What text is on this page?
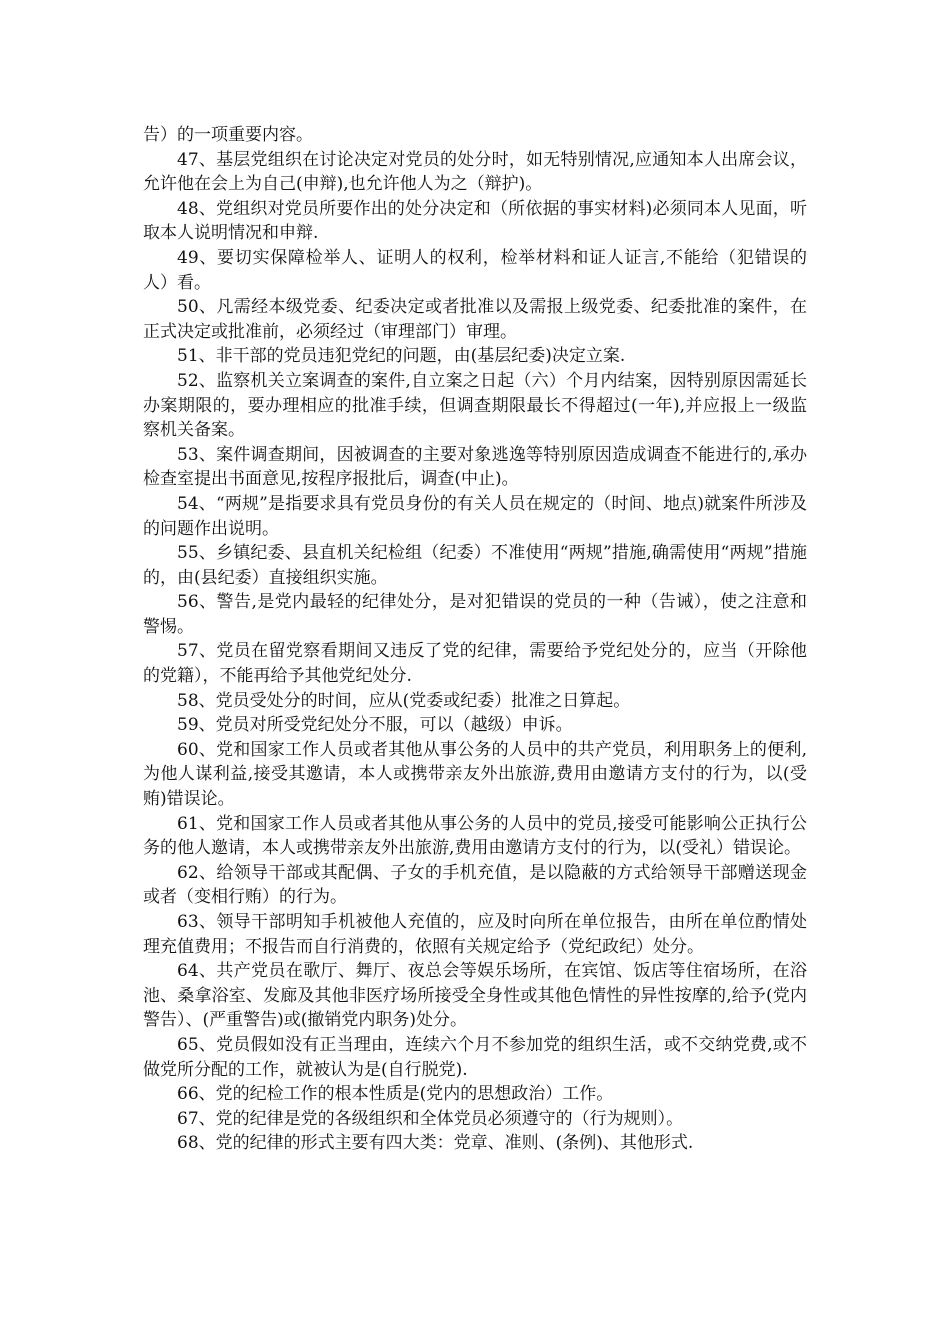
告）的一项重要内容。

47、基层党组织在讨论决定对党员的处分时，如无特别情况,应通知本人出席会议，允许他在会上为自己(申辩),也允许他人为之（辩护)。

48、党组织对党员所要作出的处分决定和（所依据的事实材料)必须同本人见面，听取本人说明情况和申辩.

49、要切实保障检举人、证明人的权利，检举材料和证人证言,不能给（犯错误的人）看。

50、凡需经本级党委、纪委决定或者批准以及需报上级党委、纪委批准的案件，在正式决定或批准前，必须经过（审理部门）审理。

51、非干部的党员违犯党纪的问题，由(基层纪委)决定立案.

52、监察机关立案调查的案件,自立案之日起（六）个月内结案，因特别原因需延长办案期限的，要办理相应的批准手续，但调查期限最长不得超过(一年),并应报上一级监察机关备案。

53、案件调查期间，因被调查的主要对象逃逸等特别原因造成调查不能进行的,承办检查室提出书面意见,按程序报批后，调查(中止)。

54、“两规”是指要求具有党员身份的有关人员在规定的（时间、地点)就案件所涉及的问题作出说明。

55、乡镇纪委、县直机关纪检组（纪委）不准使用“两规”措施,确需使用“两规”措施的，由(县纪委）直接组织实施。

56、警告,是党内最轻的纪律处分，是对犯错误的党员的一种（告诫），使之注意和警惕。

57、党员在留党察看期间又违反了党的纪律，需要给予党纪处分的，应当（开除他的党籍），不能再给予其他党纪处分.

58、党员受处分的时间，应从(党委或纪委）批准之日算起。

59、党员对所受党纪处分不服，可以（越级）申诉。

60、党和国家工作人员或者其他从事公务的人员中的共产党员，利用职务上的便利,为他人谋利益,接受其邀请，本人或携带亲友外出旅游,费用由邀请方支付的行为，以(受贿)错误论。

61、党和国家工作人员或者其他从事公务的人员中的党员,接受可能影响公正执行公务的他人邀请，本人或携带亲友外出旅游,费用由邀请方支付的行为，以(受礼）错误论。

62、给领导干部或其配偶、子女的手机充值，是以隐蔽的方式给领导干部赠送现金或者（变相行贿）的行为。

63、领导干部明知手机被他人充值的，应及时向所在单位报告，由所在单位酌情处理充值费用；不报告而自行消费的，依照有关规定给予（党纪政纪）处分。

64、共产党员在歌厅、舞厅、夜总会等娱乐场所，在宾馆、饭店等住宿场所，在浴池、桑拿浴室、发廊及其他非医疗场所接受全身性或其他色情性的异性按摩的,给予(党内警告）、(严重警告)或(撤销党内职务)处分。

65、党员假如没有正当理由，连续六个月不参加党的组织生活，或不交纳党费,或不做党所分配的工作，就被认为是(自行脱党).

66、党的纪检工作的根本性质是(党内的思想政治）工作。

67、党的纪律是党的各级组织和全体党员必须遵守的（行为规则）。

68、党的纪律的形式主要有四大类：党章、准则、(条例)、其他形式.
